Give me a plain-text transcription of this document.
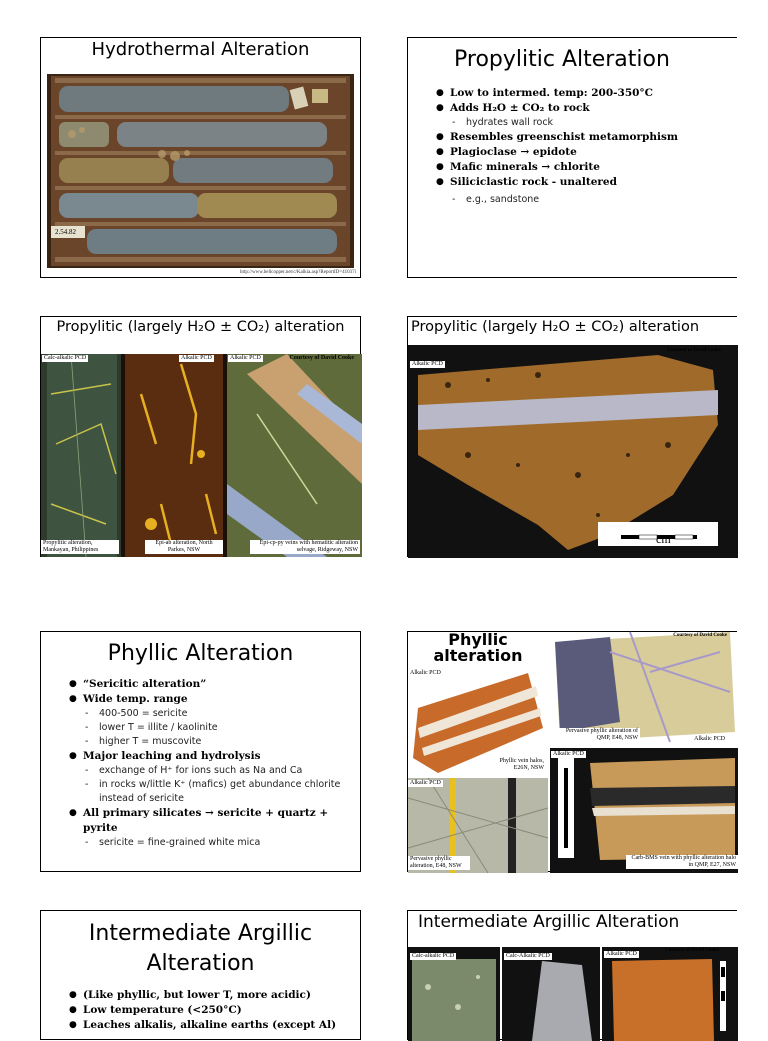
Hydrothermal Alteration
2.54.82
http://www.bellcopper.net/c/Kalkia.asp?ReportID=41037i
Propylitic Alteration
● Low to intermed. temp: 200-350°C
● Adds H₂O ± CO₂ to rock
- hydrates wall rock
● Resembles greenschist metamorphism
● Plagioclase → epidote
● Mafic minerals → chlorite
● Siliciclastic rock - unaltered
- e.g., sandstone
Propylitic (largely H₂O ± CO₂) alteration
Calc-alkalic PCD	Alkalic PCD	Alkalic PCD	Courtesy of David Cooke
Propylitic alteration, Mankayan, Philippines
Epi-ab alteration, North Parkes, NSW
Epi-cp-py veins with hematitic alteration selvage, Ridgeway, NSW
Propylitic (largely H₂O ± CO₂) alteration
Alkalic PCD
Courtesy of David Cooke
cm
Phyllic Alteration
● “Sericitic alteration”
● Wide temp. range
- 400-500 = sericite
- lower T = illite / kaolinite
- higher T = muscovite
● Major leaching and hydrolysis
- exchange of H⁺ for ions such as Na and Ca
- in rocks w/little K⁺ (mafics) get abundance chlorite instead of sericite
● All primary silicates → sericite + quartz + pyrite
- sericite = fine-grained white mica
Phyllic
alteration
Courtesy of David Cooke
Alkalic PCD
Alkalic PCD
Alkalic PCD
Alkalic PCD
Phyllic vein halos, E26N, NSW
Pervasive phyllic alteration of QMP, E48, NSW
Pervasive phyllic alteration, E48, NSW
Carb-BMS vein with phyllic alteration halo in QMP, E27, NSW
Intermediate Argillic
Alteration
● (Like phyllic, but lower T, more acidic)
● Low temperature (<250°C)
● Leaches alkalis, alkaline earths (except Al)
Intermediate Argillic Alteration
Courtesy of David Cooke
Calc-alkalic PCD	Calc-Alkalic PCD	Alkalic PCD
